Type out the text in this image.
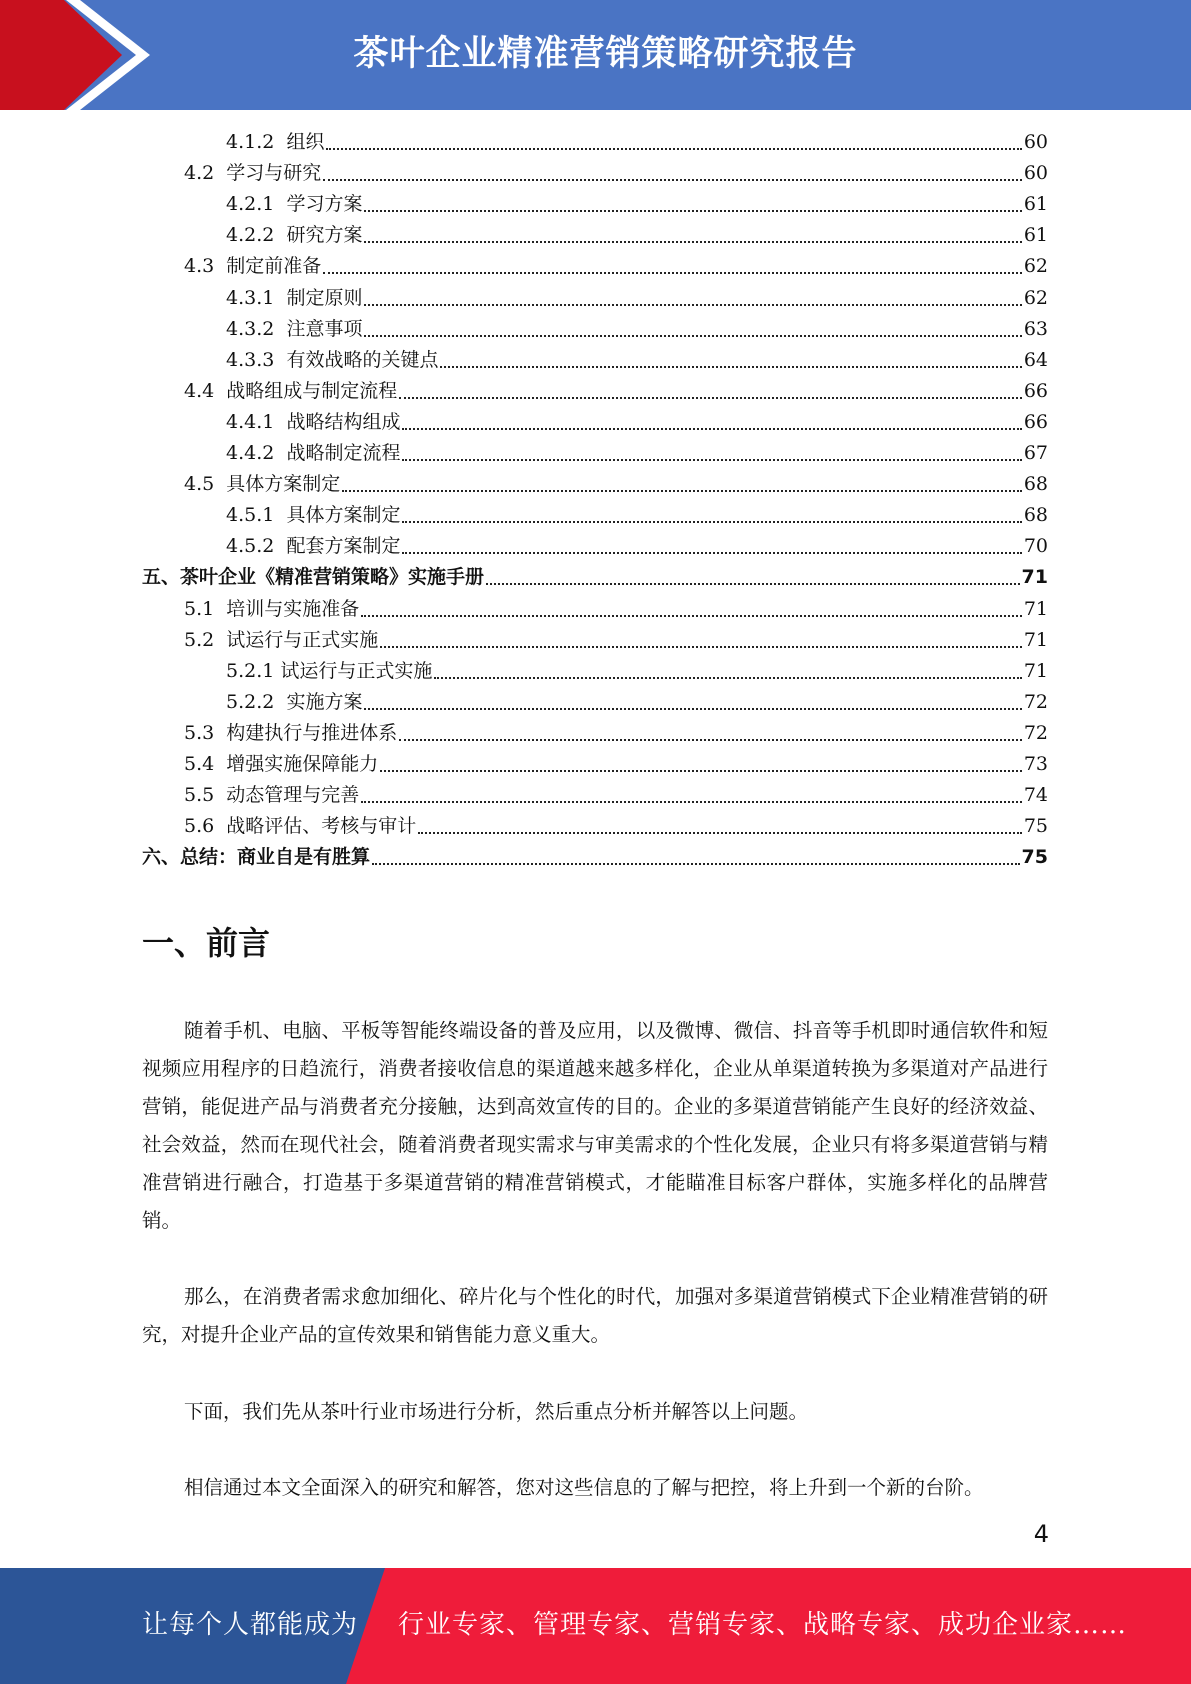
茶叶企业精准营销策略研究报告
4.1.2 组织	60
4.2 学习与研究	60
4.2.1 学习方案	61
4.2.2 研究方案	61
4.3 制定前准备	62
4.3.1 制定原则	62
4.3.2 注意事项	63
4.3.3 有效战略的关键点	64
4.4 战略组成与制定流程	66
4.4.1 战略结构组成	66
4.4.2 战略制定流程	67
4.5 具体方案制定	68
4.5.1 具体方案制定	68
4.5.2 配套方案制定	70
五、 茶叶企业《精准营销策略》实施手册	71
5.1 培训与实施准备	71
5.2 试运行与正式实施	71
5.2.1 试运行与正式实施	71
5.2.2 实施方案	72
5.3 构建执行与推进体系	72
5.4 增强实施保障能力	73
5.5 动态管理与完善	74
5.6 战略评估、考核与审计	75
六、 总结：商业自是有胜算	75
一、前言

随着手机、电脑、平板等智能终端设备的普及应用，以及微博、微信、抖音等手机即时通信软件和短视频应用程序的日趋流行，消费者接收信息的渠道越来越多样化，企业从单渠道转换为多渠道对产品进行营销，能促进产品与消费者充分接触，达到高效宣传的目的。企业的多渠道营销能产生良好的经济效益、社会效益，然而在现代社会，随着消费者现实需求与审美需求的个性化发展，企业只有将多渠道营销与精准营销进行融合，打造基于多渠道营销的精准营销模式，才能瞄准目标客户群体，实施多样化的品牌营销。

那么，在消费者需求愈加细化、碎片化与个性化的时代，加强对多渠道营销模式下企业精准营销的研究，对提升企业产品的宣传效果和销售能力意义重大。

下面，我们先从茶叶行业市场进行分析，然后重点分析并解答以上问题。

相信通过本文全面深入的研究和解答，您对这些信息的了解与把控，将上升到一个新的台阶。

4
让每个人都能成为 行业专家、管理专家、营销专家、战略专家、成功企业家……
